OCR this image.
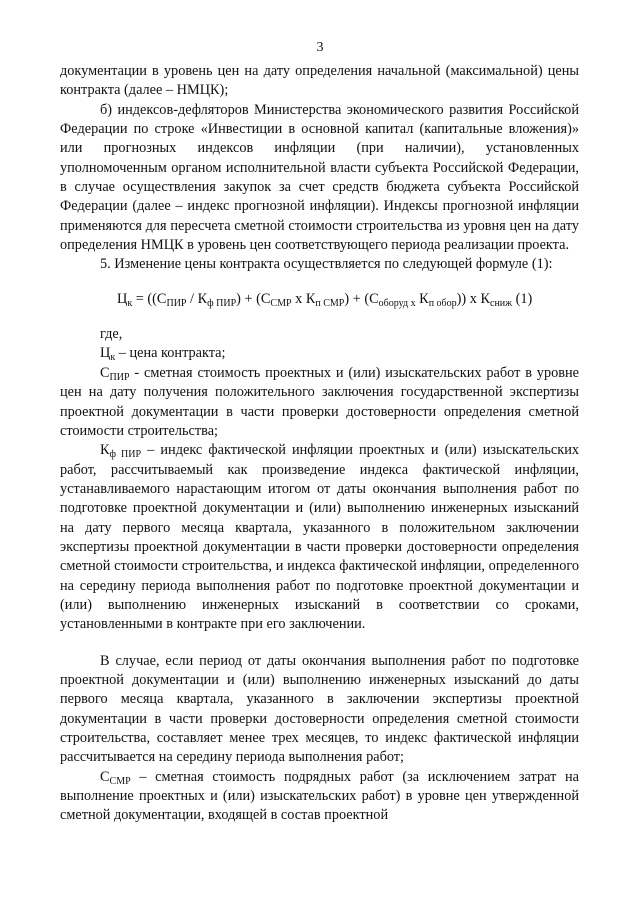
3

документации в уровень цен на дату определения начальной (максимальной) цены контракта (далее – НМЦК);

б) индексов-дефляторов Министерства экономического развития Российской Федерации по строке «Инвестиции в основной капитал (капитальные вложения)» или прогнозных индексов инфляции (при наличии), установленных уполномоченным органом исполнительной власти субъекта Российской Федерации, в случае осуществления закупок за счет средств бюджета субъекта Российской Федерации (далее – индекс прогнозной инфляции). Индексы прогнозной инфляции применяются для пересчета сметной стоимости строительства из уровня цен на дату определения НМЦК в уровень цен соответствующего периода реализации проекта.

5. Изменение цены контракта осуществляется по следующей формуле (1):

$Ц_к = ((С_{ПИР} / К_{ф ПИР}) + (С_{СМР}$ х $К_{п СМР}) + (С_{оборуд х}$ $К_{п обор}$)) х $К_{сниж}$ (1)

где,

$Ц_к$ – цена контракта;

$С_{ПИР}$ - сметная стоимость проектных и (или) изыскательских работ в уровне цен на дату получения положительного заключения государственной экспертизы проектной документации в части проверки достоверности определения сметной стоимости строительства;

$К_{ф ПИР}$ – индекс фактической инфляции проектных и (или) изыскательских работ, рассчитываемый как произведение индекса фактической инфляции, устанавливаемого нарастающим итогом от даты окончания выполнения работ по подготовке проектной документации и (или) выполнению инженерных изысканий на дату первого месяца квартала, указанного в положительном заключении экспертизы проектной документации в части проверки достоверности определения сметной стоимости строительства, и индекса фактической инфляции, определенного на середину периода выполнения работ по подготовке проектной документации и (или) выполнению инженерных изысканий в соответствии со сроками, установленными в контракте при его заключении.

В случае, если период от даты окончания выполнения работ по подготовке проектной документации и (или) выполнению инженерных изысканий до даты первого месяца квартала, указанного в заключении экспертизы проектной документации в части проверки достоверности определения сметной стоимости строительства, составляет менее трех месяцев, то индекс фактической инфляции рассчитывается на середину периода выполнения работ;

$С_{СМР}$ – сметная стоимость подрядных работ (за исключением затрат на выполнение проектных и (или) изыскательских работ) в уровне цен утвержденной сметной документации, входящей в состав проектной
